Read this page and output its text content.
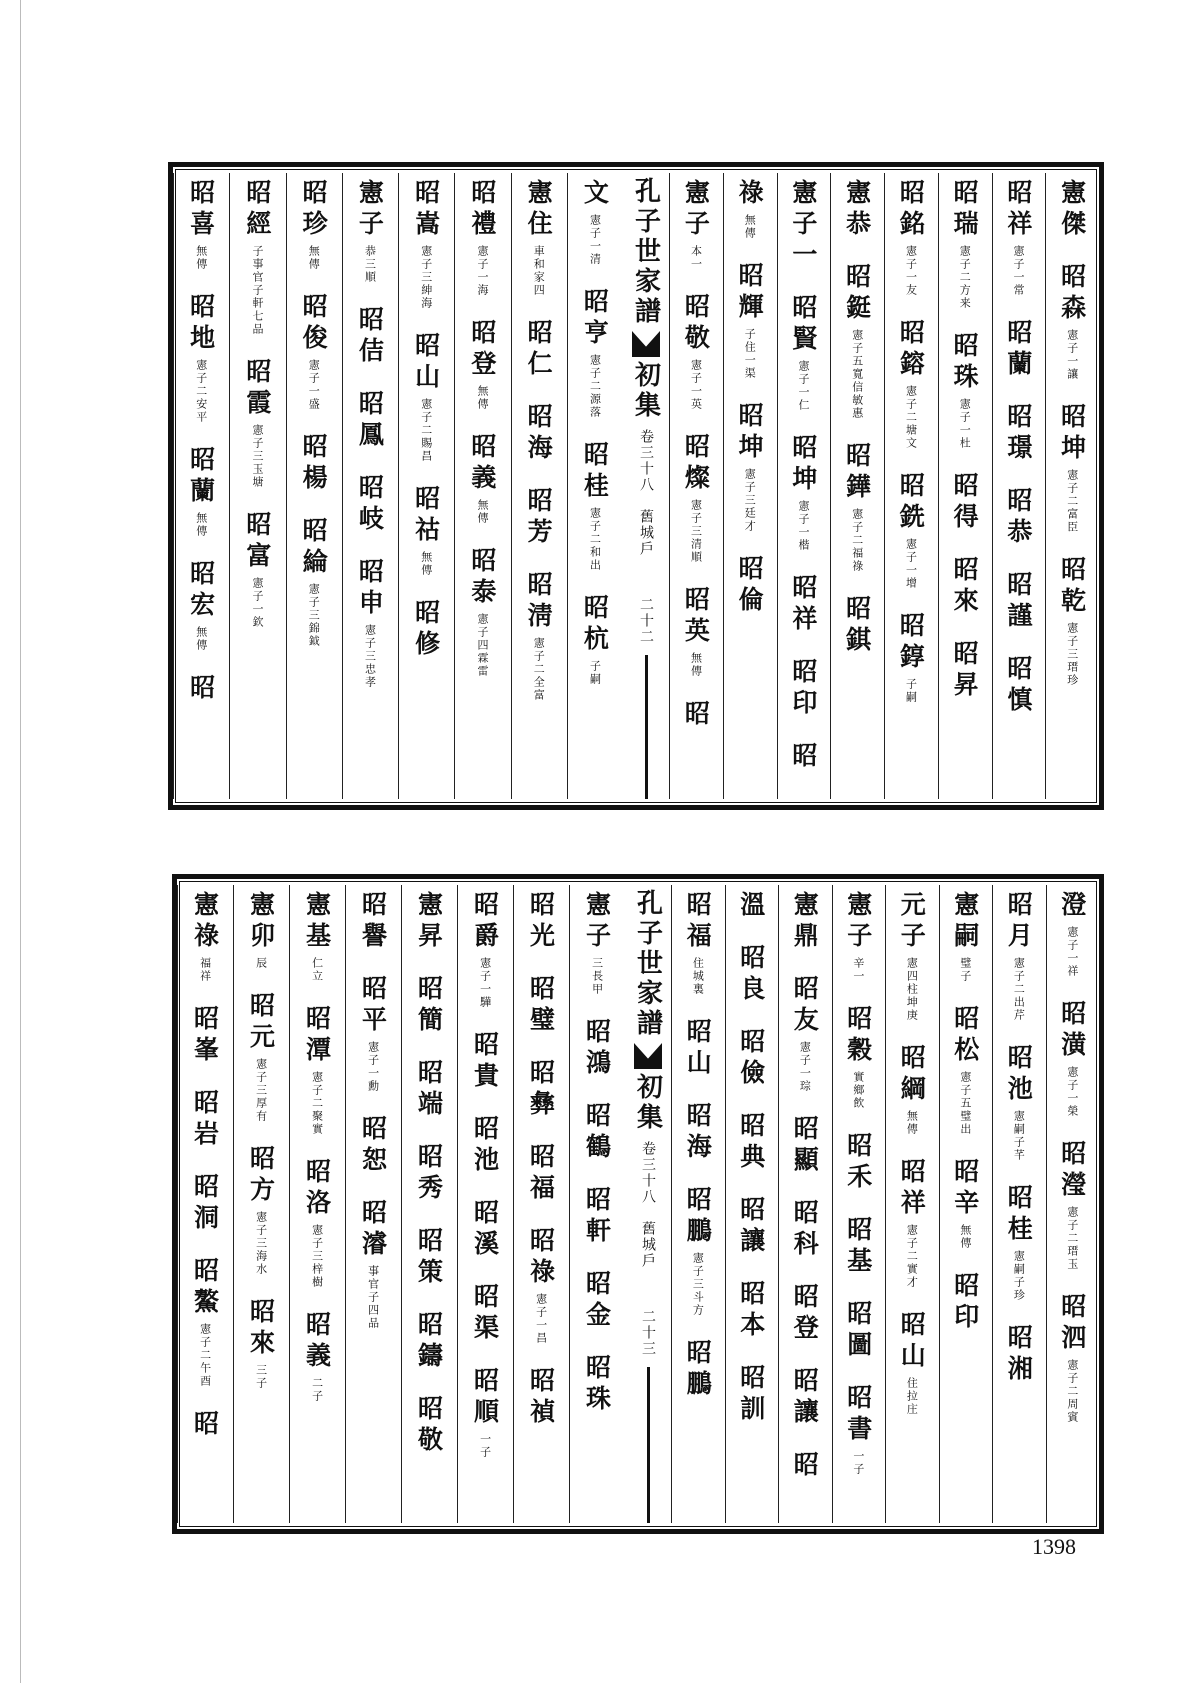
憲傑
昭森
憲子一讓
昭坤
憲子二富臣
昭乾
憲子三瑨珍
昭祥
憲子一常
昭蘭
昭璟
昭恭
昭謹
昭慎
昭瑞
憲子二方来
昭珠
憲子一杜
昭得
昭來
昭昇
昭銘
憲子一友
昭鎔
憲子二塘文
昭銑
憲子一增
昭錞
子嗣
憲恭
昭鋌
憲子五寬信敏惠
昭鏵
憲子二福祿
昭錤
憲子一
昭賢
憲子一仁
昭坤
憲子一楷
昭祥
昭印
昭
祿
無傳
昭輝
子住一渠
昭坤
憲子三廷才
昭倫
憲子
本一
昭敬
憲子一英
昭燦
憲子三清順
昭英
無傳
昭
文
憲子一清
昭亨
憲子二源落
昭桂
憲子二和出
昭杭
子嗣
憲住
車和家四
昭仁
昭海
昭芳
昭淸
憲子二全富
昭禮
憲子一海
昭登
無傳
昭義
無傳
昭泰
憲子四霖雷
昭嵩
憲子三紳海
昭山
憲子二賜昌
昭祜
無傳
昭修
憲子
恭三順
昭佶
昭鳳
昭岐
昭申
憲子三忠孝
昭珍
無傳
昭俊
憲子一盛
昭楊
昭綸
憲子三錦鉞
昭經
子事官子軒七品
昭霞
憲子三玉塘
昭富
憲子一欽
昭喜
無傳
昭地
憲子二安平
昭蘭
無傳
昭宏
無傳
昭
孔子世家譜
初集
卷三十八　舊城戶
二十二
澄
憲子一祥
昭潢
憲子一榮
昭瀅
憲子二瑨玉
昭泗
憲子二周賓
昭月
憲子二出芹
昭池
憲嗣子芊
昭桂
憲嗣子珍
昭湘
憲嗣
璧子
昭松
憲子五璧出
昭辛
無傳
昭印
元子
憲四柱坤庚
昭綱
無傳
昭祥
憲子二實才
昭山
住拉庄
憲子
辛一
昭穀
實鄉飲
昭禾
昭基
昭圖
昭書
一子
憲鼎
昭友
憲子一琮
昭顯
昭科
昭登
昭讓
昭
溫
昭良
昭儉
昭典
昭讓
昭本
昭訓
昭福
住城裏
昭山
昭海
昭鵬
憲子三斗方
昭鵬
憲子
三長甲
昭鴻
昭鶴
昭軒
昭金
昭珠
昭光
昭璧
昭彝
昭福
昭祿
憲子一昌
昭禎
昭爵
憲子一驊
昭貴
昭池
昭溪
昭渠
昭順
一子
憲昇
昭簡
昭端
昭秀
昭策
昭鑄
昭敬
昭譽
昭平
憲子一勳
昭恕
昭濬
事官子四品
憲基
仁立
昭潭
憲子二聚實
昭洛
憲子三梓樹
昭義
二子
憲卯
辰
昭元
憲子三厚有
昭方
憲子三海水
昭來
三子
憲祿
福祥
昭峯
昭岩
昭洞
昭鰲
憲子二午酉
昭
孔子世家譜
初集
卷三十八　舊城戶
二十三
1398
